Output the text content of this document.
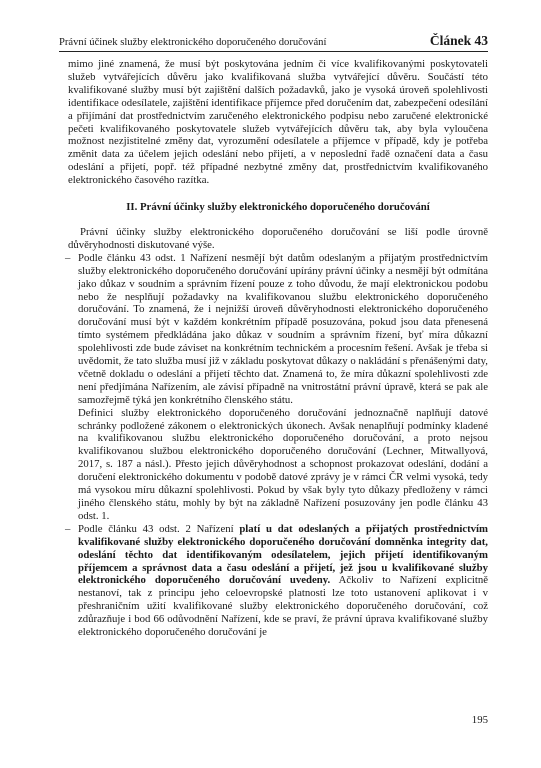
Právní účinek služby elektronického doporučeného doručování	Článek 43

mimo jiné znamená, že musí být poskytována jedním či více kvalifikovanými poskytovateli služeb vytvářejících důvěru jako kvalifikovaná služba vytvářející důvěru. Součástí této kvalifikované služby musí být zajištění dalších požadavků, jako je vysoká úroveň spolehlivosti identifikace odesílatele, zajištění identifikace příjemce před doručením dat, zabezpečení odesílání a přijímání dat prostřednictvím zaručeného elektronického podpisu nebo zaručené elektronické pečeti kvalifikovaného poskytovatele služeb vytvářejících důvěru tak, aby byla vyloučena možnost nezjistitelné změny dat, vyrozumění odesílatele a příjemce v případě, kdy je potřeba změnit data za účelem jejich odeslání nebo přijetí, a v neposlední řadě označení data a času odeslání a přijetí, popř. též případné nezbytné změny dat, prostřednictvím kvalifikovaného elektronického časového razítka.

II. Právní účinky služby elektronického doporučeného doručování

Právní účinky služby elektronického doporučeného doručování se liší podle úrovně důvěryhodnosti diskutované výše.

– Podle článku 43 odst. 1 Nařízení nesmějí být datům odeslaným a přijatým prostřednictvím služby elektronického doporučeného doručování upírány právní účinky a nesmějí být odmítána jako důkaz v soudním a správním řízení pouze z toho důvodu, že mají elektronickou podobu nebo že nesplňují požadavky na kvalifikovanou službu elektronického doporučeného doručování. To znamená, že i nejnižší úroveň důvěryhodnosti elektronického doporučeného doručování musí být v každém konkrétním případě posuzována, pokud jsou data přenesená tímto systémem předkládána jako důkaz v soudním a správním řízení, byť míra důkazní spolehlivosti zde bude záviset na konkrétním technickém a procesním řešení. Avšak je třeba si uvědomit, že tato služba musí již v základu poskytovat důkazy o nakládání s přenášenými daty, včetně dokladu o odeslání a přijetí těchto dat. Znamená to, že míra důkazní spolehlivosti zde není předjímána Nařízením, ale závisí případně na vnitrostátní právní úpravě, která se pak ale samozřejmě týká jen konkrétního členského státu.

Definici služby elektronického doporučeného doručování jednoznačně naplňují datové schránky podložené zákonem o elektronických úkonech. Avšak nenaplňují podmínky kladené na kvalifikovanou službu elektronického doporučeného doručování, a proto nejsou kvalifikovanou službou elektronického doporučeného doručování (Lechner, Mitwallyová, 2017, s. 187 a násl.). Přesto jejich důvěryhodnost a schopnost prokazovat odeslání, dodání a doručení elektronického dokumentu v podobě datové zprávy je v rámci ČR velmi vysoká, tedy má vysokou míru důkazní spolehlivosti. Pokud by však byly tyto důkazy předloženy v rámci jiného členského státu, mohly by být na základně Nařízení posuzovány jen podle článku 43 odst. 1.

– Podle článku 43 odst. 2 Nařízení platí u dat odeslaných a přijatých prostřednictvím kvalifikované služby elektronického doporučeného doručování domněnka integrity dat, odeslání těchto dat identifikovaným odesílatelem, jejich přijetí identifikovaným příjemcem a správnost data a času odeslání a přijetí, jež jsou u kvalifikované služby elektronického doporučeného doručování uvedeny. Ačkoliv to Nařízení explicitně nestanoví, tak z principu jeho celoevropské platnosti lze toto ustanovení aplikovat i v přeshraničním užití kvalifikované služby elektronického doporučeného doručování, což zdůrazňuje i bod 66 odůvodnění Nařízení, kde se praví, že právní úprava kvalifikované služby elektronického doporučeného doručování je

195
